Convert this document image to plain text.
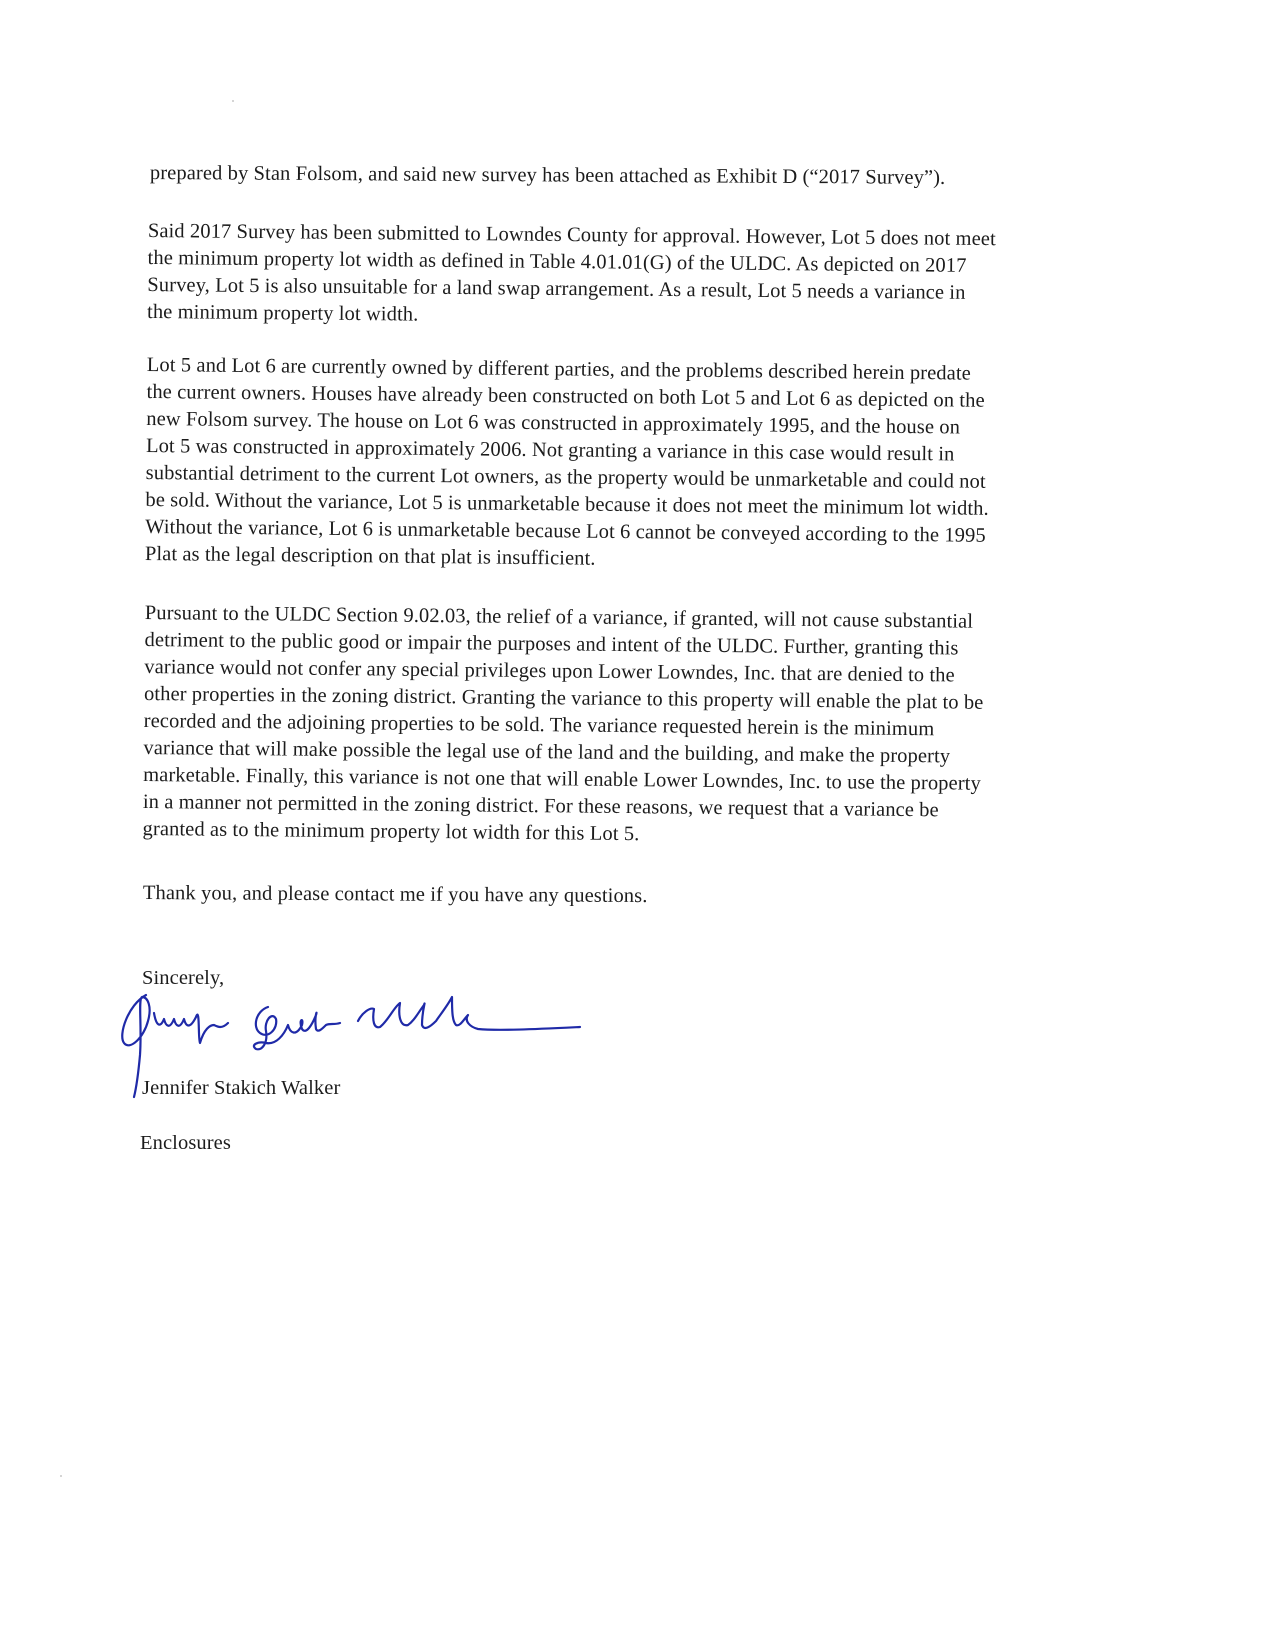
prepared by Stan Folsom, and said new survey has been attached as Exhibit D (“2017 Survey”).
Said 2017 Survey has been submitted to Lowndes County for approval. However, Lot 5 does not meet
the minimum property lot width as defined in Table 4.01.01(G) of the ULDC. As depicted on 2017
Survey, Lot 5 is also unsuitable for a land swap arrangement. As a result, Lot 5 needs a variance in
the minimum property lot width.
Lot 5 and Lot 6 are currently owned by different parties, and the problems described herein predate
the current owners. Houses have already been constructed on both Lot 5 and Lot 6 as depicted on the
new Folsom survey. The house on Lot 6 was constructed in approximately 1995, and the house on
Lot 5 was constructed in approximately 2006. Not granting a variance in this case would result in
substantial detriment to the current Lot owners, as the property would be unmarketable and could not
be sold. Without the variance, Lot 5 is unmarketable because it does not meet the minimum lot width.
Without the variance, Lot 6 is unmarketable because Lot 6 cannot be conveyed according to the 1995
Plat as the legal description on that plat is insufficient.
Pursuant to the ULDC Section 9.02.03, the relief of a variance, if granted, will not cause substantial
detriment to the public good or impair the purposes and intent of the ULDC. Further, granting this
variance would not confer any special privileges upon Lower Lowndes, Inc. that are denied to the
other properties in the zoning district. Granting the variance to this property will enable the plat to be
recorded and the adjoining properties to be sold. The variance requested herein is the minimum
variance that will make possible the legal use of the land and the building, and make the property
marketable. Finally, this variance is not one that will enable Lower Lowndes, Inc. to use the property
in a manner not permitted in the zoning district. For these reasons, we request that a variance be
granted as to the minimum property lot width for this Lot 5.
Thank you, and please contact me if you have any questions.
Sincerely,
Jennifer Stakich Walker
Enclosures
